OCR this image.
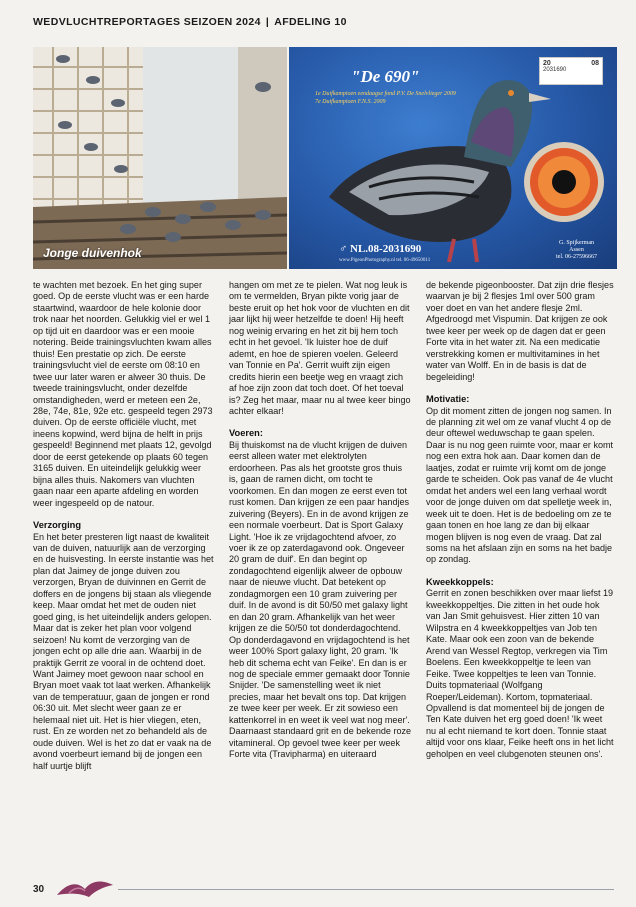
WEDVLUCHTREPORTAGES SEIZOEN 2024 | AFDELING 10
Jonge duivenhok
"De 690"
1e Duifkampioen eendaagse fond P.V. De Snelvlieger 2009
7e Duifkampioen F.N.S. 2009
20	08
2031690
♂ NL.08-2031690
www.PigeonPhotography.nl tel. 06-49650011
G. Spijkerman
Assen
tel. 06-27596667

te wachten met bezoek. En het ging super goed. Op de eerste vlucht was er een harde staartwind, waardoor de hele kolonie door trok naar het noorden. Gelukkig viel er wel 1 op tijd uit en daardoor was er een mooie notering. Beide trainingsvluchten kwam alles thuis! Een prestatie op zich. De eerste trainingsvlucht viel de eerste om 08:10 en twee uur later waren er alweer 30 thuis. De tweede trainingsvlucht, onder dezelfde omstandigheden, werd er meteen een 2e, 28e, 74e, 81e, 92e etc. gespeeld tegen 2973 duiven. Op de eerste officiële vlucht, met ineens kopwind, werd bijna de helft in prijs gespeeld! Beginnend met plaats 12, gevolgd door de eerst getekende op plaats 60 tegen 3165 duiven. En uiteindelijk gelukkig weer bijna alles thuis. Nakomers van vluchten gaan naar een aparte afdeling en worden weer ingespeeld op de natour.

Verzorging

En het beter presteren ligt naast de kwaliteit van de duiven, natuurlijk aan de verzorging en de huisvesting. In eerste instantie was het plan dat Jaimey de jonge duiven zou verzorgen, Bryan de duivinnen en Gerrit de doffers en de jongens bij staan als vliegende keep. Maar omdat het met de ouden niet goed ging, is het uiteindelijk anders gelopen. Maar dat is zeker het plan voor volgend seizoen! Nu komt de verzorging van de jongen echt op alle drie aan. Waarbij in de praktijk Gerrit ze vooral in de ochtend doet. Want Jaimey moet gewoon naar school en Bryan moet vaak tot laat werken. Afhankelijk van de temperatuur, gaan de jongen er rond 06:30 uit. Met slecht weer gaan ze er helemaal niet uit. Het is hier vliegen, eten, rust. En ze worden net zo behandeld als de oude duiven. Wel is het zo dat er vaak na de avond voerbeurt iemand bij de jongen een half uurtje blijft

hangen om met ze te pielen. Wat nog leuk is om te vermelden, Bryan pikte vorig jaar de beste eruit op het hok voor de vluchten en dit jaar lijkt hij weer hetzelfde te doen! Hij heeft nog weinig ervaring en het zit bij hem toch echt in het gevoel. 'Ik luister hoe de duif ademt, en hoe de spieren voelen. Geleerd van Tonnie en Pa'. Gerrit wuift zijn eigen credits hierin een beetje weg en vraagt zich af hoe zijn zoon dat toch doet. Of het toeval is? Zeg het maar, maar nu al twee keer bingo achter elkaar!

Voeren:

Bij thuiskomst na de vlucht krijgen de duiven eerst alleen water met elektrolyten erdoorheen. Pas als het grootste gros thuis is, gaan de ramen dicht, om tocht te voorkomen. En dan mogen ze eerst even tot rust komen. Dan krijgen ze een paar handjes zuivering (Beyers). En in de avond krijgen ze een normale voerbeurt. Dat is Sport Galaxy Light. 'Hoe ik ze vrijdagochtend afvoer, zo voer ik ze op zaterdagavond ook. Ongeveer 20 gram de duif'. En dan begint op zondagochtend eigenlijk alweer de opbouw naar de nieuwe vlucht. Dat betekent op zondagmorgen een 10 gram zuivering per duif. In de avond is dit 50/50 met galaxy light en dan 20 gram. Afhankelijk van het weer krijgen ze die 50/50 tot donderdagochtend. Op donderdagavond en vrijdagochtend is het weer 100% Sport galaxy light, 20 gram. 'Ik heb dit schema echt van Feike'. En dan is er nog de speciale emmer gemaakt door Tonnie Snijder. 'De samenstelling weet ik niet precies, maar het bevalt ons top. Dat krijgen ze twee keer per week. Er zit sowieso een kattenkorrel in en weet ik veel wat nog meer'. Daarnaast standaard grit en de bekende roze vitamineral. Op gevoel twee keer per week Forte vita (Travipharma) en uiteraard

de bekende pigeonbooster. Dat zijn drie flesjes waarvan je bij 2 flesjes 1ml over 500 gram voer doet en van het andere flesje 2ml. Afgedroogd met Vispumin. Dat krijgen ze ook twee keer per week op de dagen dat er geen Forte vita in het water zit. Na een medicatie verstrekking komen er multivitamines in het water van Wolff. En in de basis is dat de begeleiding!

Motivatie:

Op dit moment zitten de jongen nog samen. In de planning zit wel om ze vanaf vlucht 4 op de deur oftewel weduwschap te gaan spelen. Daar is nu nog geen ruimte voor, maar er komt nog een extra hok aan. Daar komen dan de laatjes, zodat er ruimte vrij komt om de jonge garde te scheiden. Ook pas vanaf de 4e vlucht omdat het anders wel een lang verhaal wordt voor de jonge duiven om dat spelletje week in, week uit te doen. Het is de bedoeling om ze te gaan tonen en hoe lang ze dan bij elkaar mogen blijven is nog even de vraag. Dat zal soms na het afslaan zijn en soms na het badje op zondag.

Kweekkoppels:

Gerrit en zonen beschikken over maar liefst 19 kweekkoppeltjes. Die zitten in het oude hok van Jan Smit gehuisvest. Hier zitten 10 van Wilpstra en 4 kweekkoppeltjes van Job ten Kate. Maar ook een zoon van de bekende Arend van Wessel Regtop, verkregen via Tim Boelens. Een kweekkoppeltje te leen van Feike. Twee koppeltjes te leen van Tonnie. Duits topmateriaal (Wolfgang Roeper/Leideman). Kortom, topmateriaal. Opvallend is dat momenteel bij de jongen de Ten Kate duiven het erg goed doen! 'Ik weet nu al echt niemand te kort doen. Tonnie staat altijd voor ons klaar, Feike heeft ons in het licht geholpen en veel clubgenoten steunen ons'.

30
